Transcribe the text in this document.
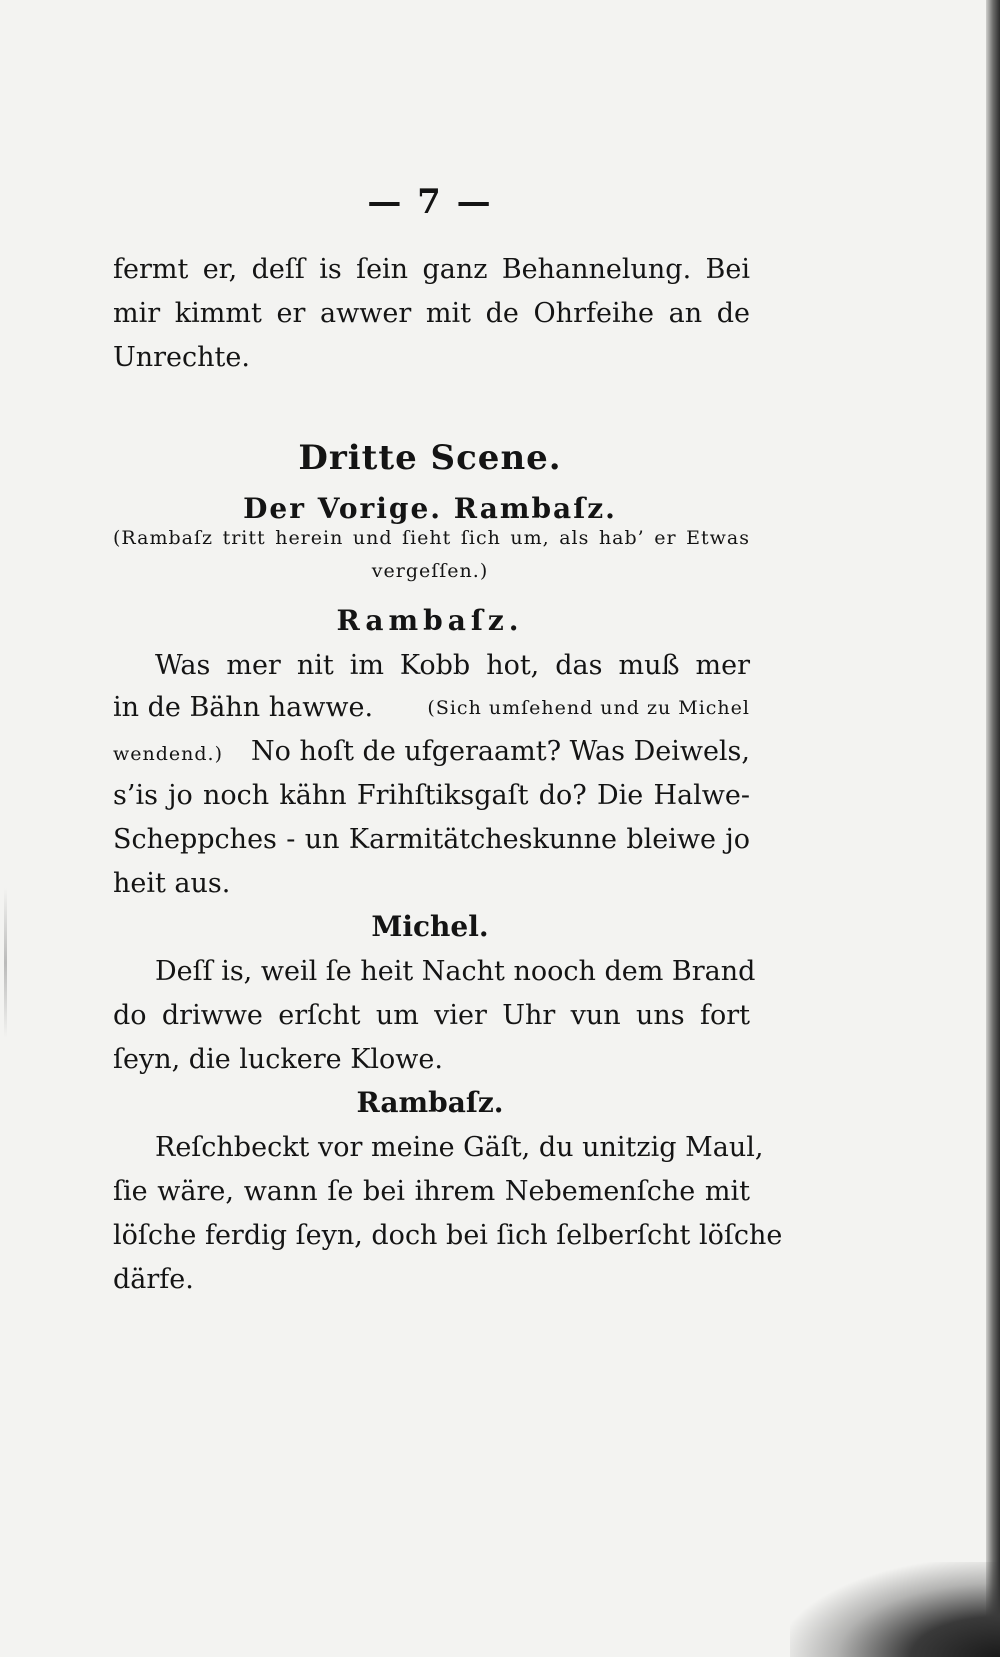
— 7 —
fermt er, deſſ is ſein ganz Behannelung. Bei
mir kimmt er awwer mit de Ohrfeihe an de
Unrechte.
Dritte Scene.
Der Vorige. Rambaſz.
(Rambaſz tritt herein und ſieht ſich um, als hab’ er Etwas
vergeſſen.)
Rambaſz.
Was mer nit im Kobb hot, das muß mer
in de Bähn hawwe.	(Sich umſehend und zu Michel
wendend.) No hoſt de ufgeraamt? Was Deiwels,
s’is jo noch kähn Frihſtiksgaſt do? Die Halwe-
Scheppches - un Karmitätcheskunne bleiwe jo
heit aus.
Michel.
Deſſ is, weil ſe heit Nacht nooch dem Brand
do driwwe erſcht um vier Uhr vun uns fort
ſeyn, die luckere Klowe.
Rambaſz.
Reſchbeckt vor meine Gäſt, du unitzig Maul,
ſie wäre, wann ſe bei ihrem Nebemenſche mit
löſche ferdig ſeyn, doch bei ſich ſelberſcht löſche
därfe.
